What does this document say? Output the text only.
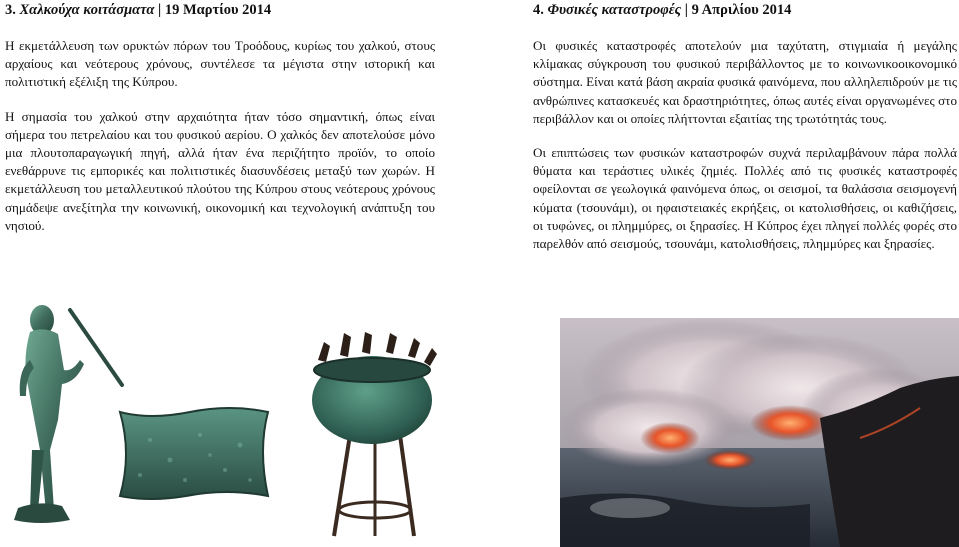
3. Χαλκούχα κοιτάσματα | 19 Μαρτίου 2014

Η εκμετάλλευση των ορυκτών πόρων του Τροόδους, κυρίως του χαλκού, στους αρχαίους και νεότερους χρόνους, συντέλεσε τα μέγιστα στην ιστορική και πολιτιστική εξέλιξη της Κύπρου.

Η σημασία του χαλκού στην αρχαιότητα ήταν τόσο σημαντική, όπως είναι σήμερα του πετρελαίου και του φυσικού αερίου. Ο χαλκός δεν αποτελούσε μόνο μια πλουτοπαραγωγική πηγή, αλλά ήταν ένα περιζήτητο προϊόν, το οποίο ενεθάρρυνε τις εμπορικές και πολιτιστικές διασυνδέσεις μεταξύ των χωρών. Η εκμετάλλευση του μεταλλευτικού πλούτου της Κύπρου στους νεότερους χρόνους σημάδεψε ανεξίτηλα την κοινωνική, οικονομική και τεχνολογική ανάπτυξη του νησιού.

4. Φυσικές καταστροφές | 9 Απριλίου 2014

Οι φυσικές καταστροφές αποτελούν μια ταχύτατη, στιγμιαία ή μεγάλης κλίμακας σύγκρουση του φυσικού περιβάλλοντος με το κοινωνικοοικονομικό σύστημα. Είναι κατά βάση ακραία φυσικά φαινόμενα, που αλληλεπιδρούν με τις ανθρώπινες κατασκευές και δραστηριότητες, όπως αυτές είναι οργανωμένες στο περιβάλλον και οι οποίες πλήττονται εξαιτίας της τρωτότητάς τους.

Οι επιπτώσεις των φυσικών καταστροφών συχνά περιλαμβάνουν πάρα πολλά θύματα και τεράστιες υλικές ζημιές. Πολλές από τις φυσικές καταστροφές οφείλονται σε γεωλογικά φαινόμενα όπως, οι σεισμοί, τα θαλάσσια σεισμογενή κύματα (τσουνάμι), οι ηφαιστειακές εκρήξεις, οι κατολισθήσεις, οι καθιζήσεις, οι τυφώνες, οι πλημμύρες, οι ξηρασίες. Η Κύπρος έχει πληγεί πολλές φορές στο παρελθόν από σεισμούς, τσουνάμι, κατολισθήσεις, πλημμύρες και ξηρασίες.
